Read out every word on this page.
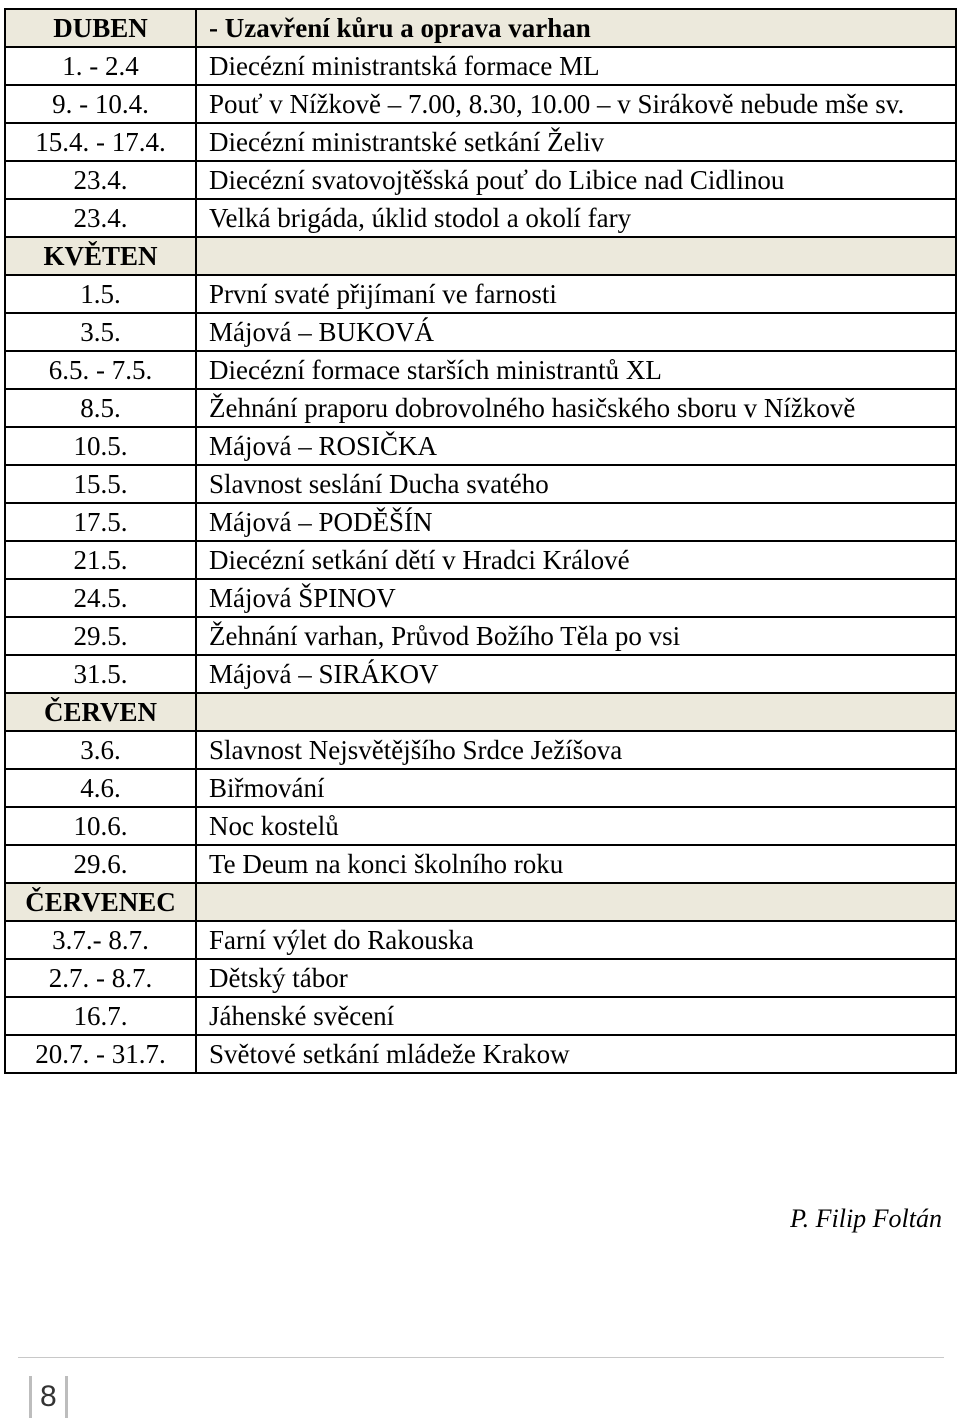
DUBEN	- Uzavření kůru a oprava varhan
1. - 2.4	Diecézní ministrantská formace ML
9. - 10.4.	Pouť v Nížkově – 7.00, 8.30, 10.00 – v Sirákově nebude mše sv.
15.4. - 17.4.	Diecézní ministrantské setkání Želiv
23.4.	Diecézní svatovojtěšská pouť do Libice nad Cidlinou
23.4.	Velká brigáda, úklid stodol a okolí fary
KVĚTEN	
1.5.	První svaté přijímaní ve farnosti
3.5.	Májová – BUKOVÁ
6.5. - 7.5.	Diecézní formace starších ministrantů XL
8.5.	Žehnání praporu dobrovolného hasičského sboru v Nížkově
10.5.	Májová – ROSIČKA
15.5.	Slavnost seslání Ducha svatého
17.5.	Májová – PODĚŠÍN
21.5.	Diecézní setkání dětí v Hradci Králové
24.5.	Májová ŠPINOV
29.5.	Žehnání varhan, Průvod Božího Těla po vsi
31.5.	Májová – SIRÁKOV
ČERVEN	
3.6.	Slavnost Nejsvětějšího Srdce Ježíšova
4.6.	Biřmování
10.6.	Noc kostelů
29.6.	Te Deum na konci školního roku
ČERVENEC	
3.7.- 8.7.	Farní výlet do Rakouska
2.7. - 8.7.	Dětský tábor
16.7.	Jáhenské svěcení
20.7. - 31.7.	Světové setkání mládeže Krakow
P. Filip Foltán
8
